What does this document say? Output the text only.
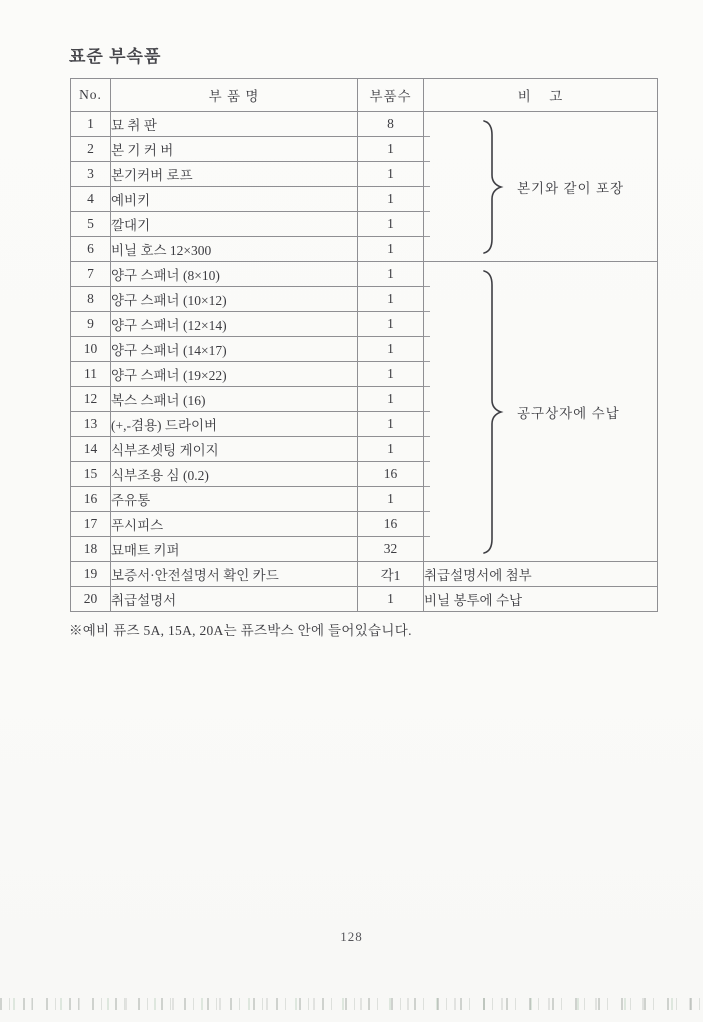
표준 부속품
No.	부 품 명	부품수	비    고
1	묘 취 판	8	본기와 같이 포장

2	본 기 커 버	1	
3	본기커버 로프	1	
4	예비키	1	
5	깔대기	1	
6	비닐 호스 12×300	1	
7	양구 스패너 (8×10)	1	공구상자에 수납

8	양구 스패너 (10×12)	1	
9	양구 스패너 (12×14)	1	
10	양구 스패너 (14×17)	1	
11	양구 스패너 (19×22)	1	
12	복스 스패너 (16)	1	
13	(+,-겸용) 드라이버	1	
14	식부조셋팅 게이지	1	
15	식부조용 심 (0.2)	16	
16	주유통	1	
17	푸시피스	16	
18	묘매트 키퍼	32	
19	보증서·안전설명서 확인 카드	각1	취급설명서에 첨부
20	취급설명서	1	비닐 봉투에 수납
※예비 퓨즈 5A, 15A, 20A는 퓨즈박스 안에 들어있습니다.
128
